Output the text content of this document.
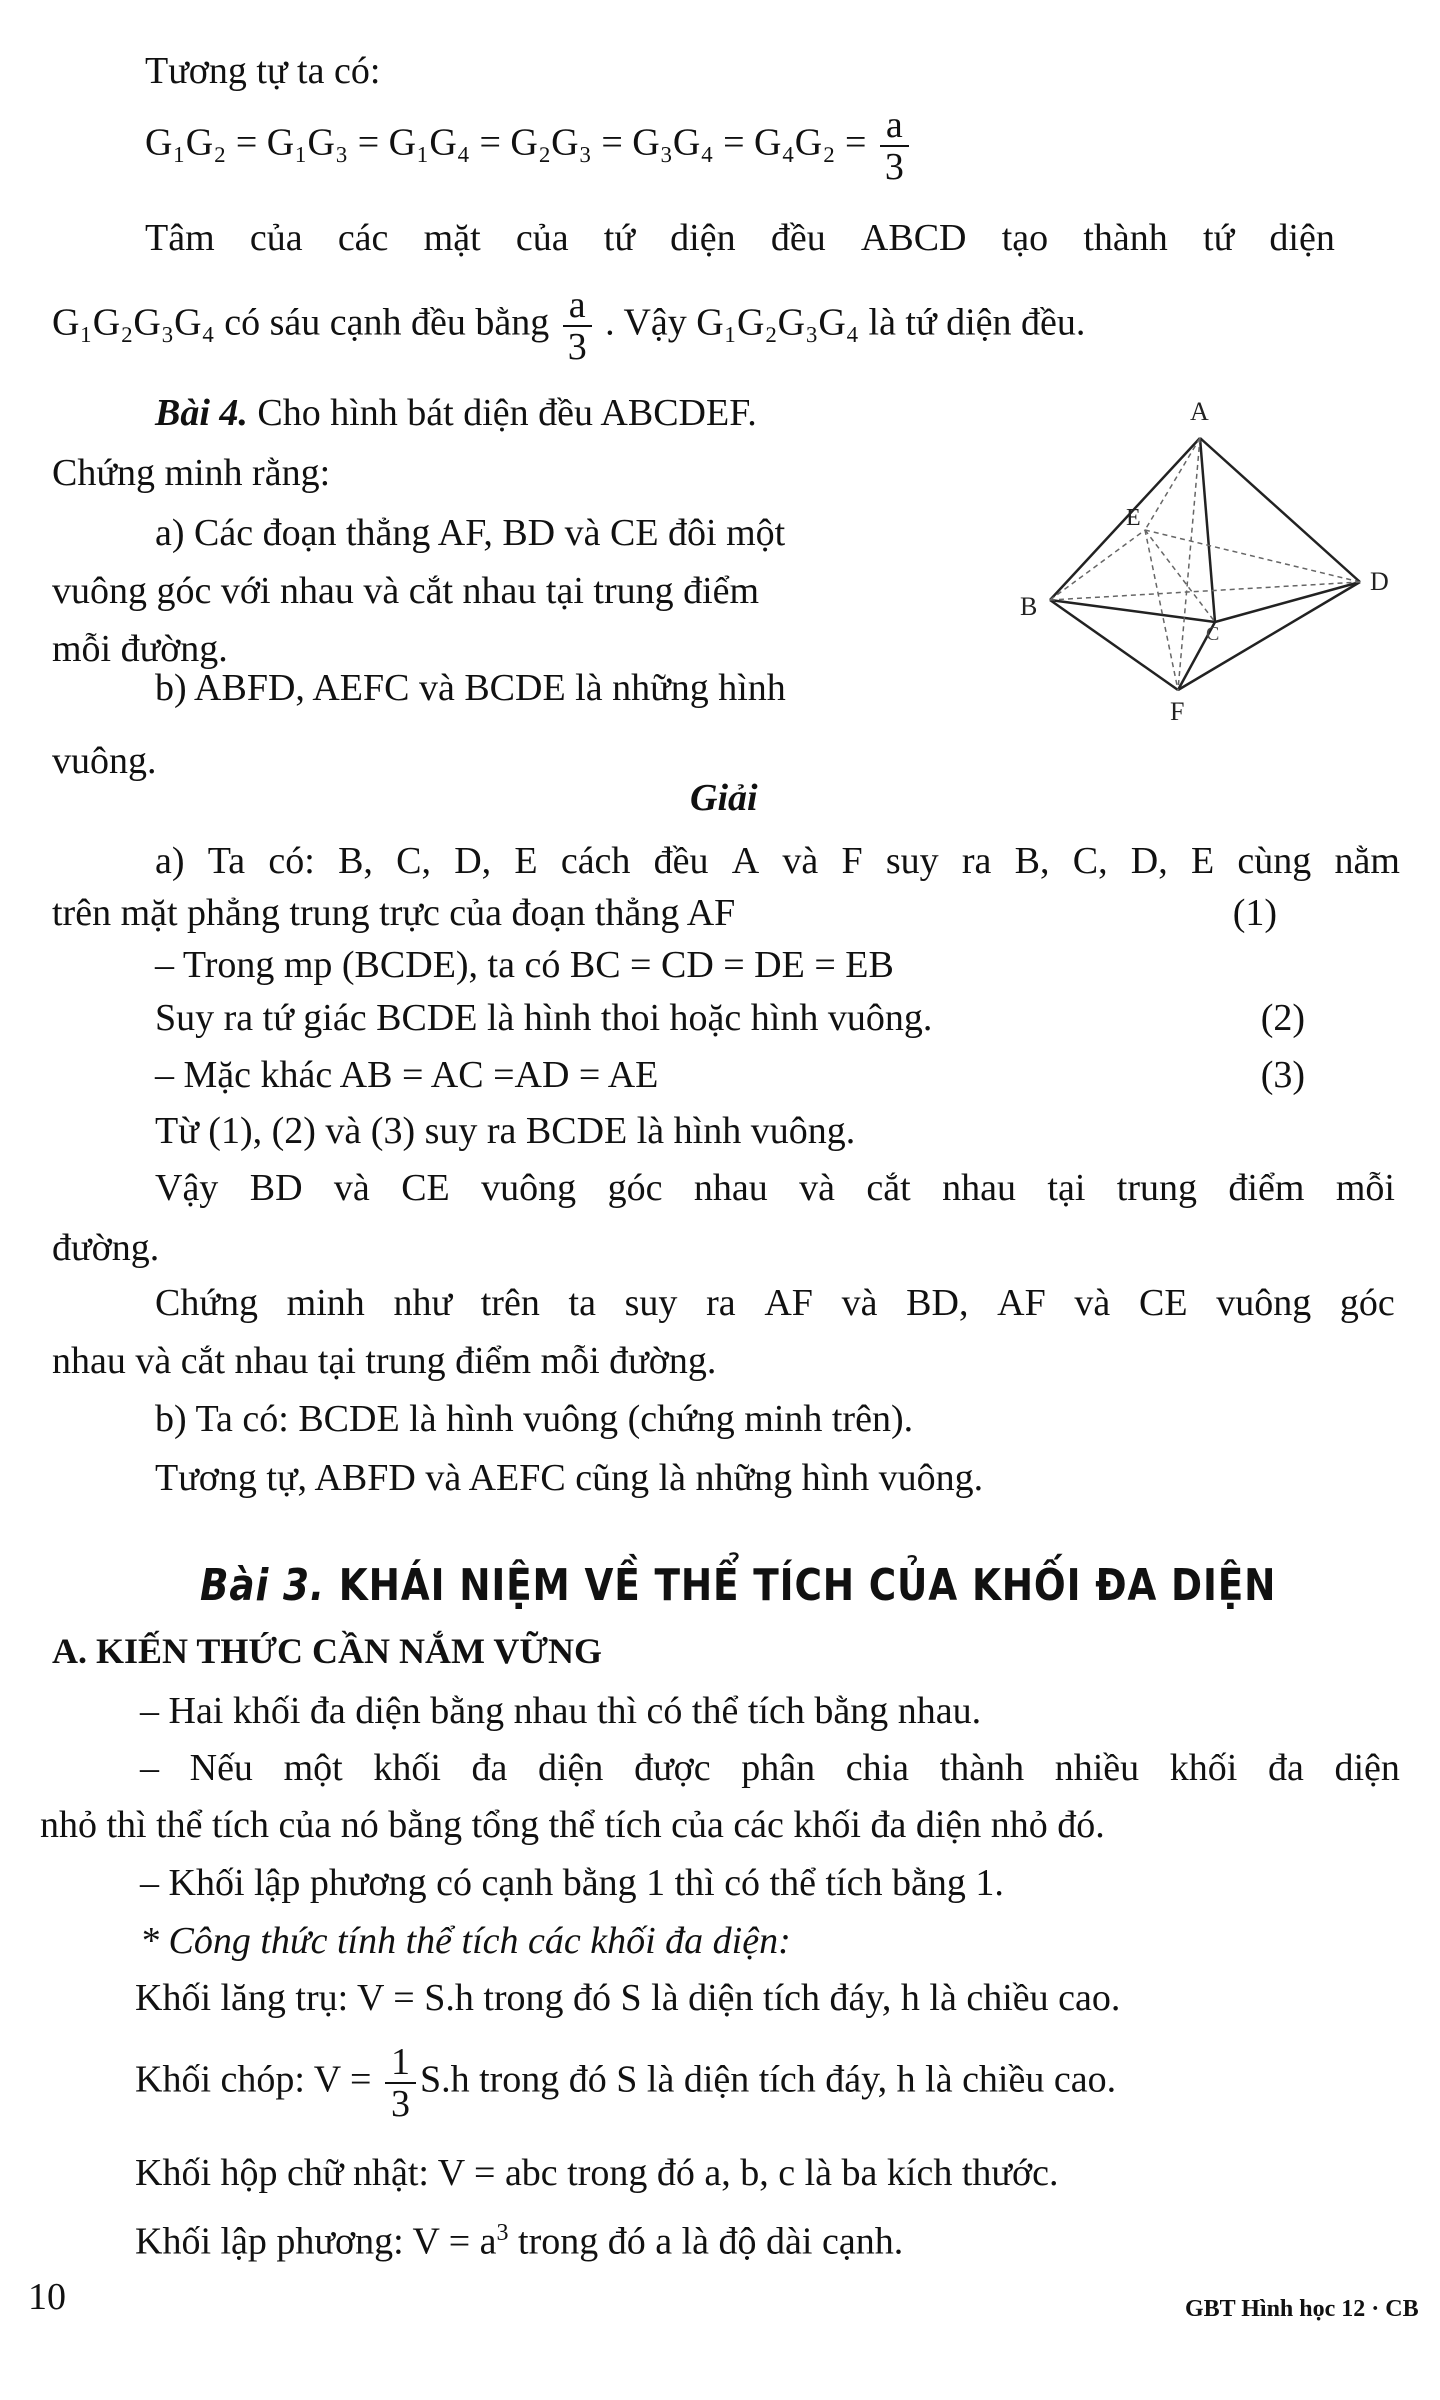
Tương tự ta có:
$G_1G_2 = G_1G_3 = G_1G_4 = G_2G_3 = G_3G_4 = G_4G_2 = \frac{a}{3}$
Tâm của các mặt của tứ diện đều ABCD tạo thành tứ diện
G₁G₂G₃G₄ có sáu cạnh đều bằng $\frac{a}{3}$ . Vậy G₁G₂G₃G₄ là tứ diện đều.
Bài 4. Cho hình bát diện đều ABCDEF.
Chứng minh rằng:
a) Các đoạn thẳng AF, BD và CE đôi một
vuông góc với nhau và cắt nhau tại trung điểm
mỗi đường.
b) ABFD, AEFC và BCDE là những hình
vuông.
A
B
C
D
E
F
Giải
a) Ta có: B, C, D, E cách đều A và F suy ra B, C, D, E cùng nằm
trên mặt phẳng trung trực của đoạn thẳng AF	(1)
– Trong mp (BCDE), ta có BC = CD = DE = EB
Suy ra tứ giác BCDE là hình thoi hoặc hình vuông.	(2)
– Mặc khác AB = AC =AD = AE	(3)
Từ (1), (2) và (3) suy ra BCDE là hình vuông.
Vậy BD và CE vuông góc nhau và cắt nhau tại trung điểm mỗi
đường.
Chứng minh như trên ta suy ra AF và BD, AF và CE vuông góc
nhau và cắt nhau tại trung điểm mỗi đường.
b) Ta có: BCDE là hình vuông (chứng minh trên).
Tương tự, ABFD và AEFC cũng là những hình vuông.
Bài 3. KHÁI NIỆM VỀ THỂ TÍCH CỦA KHỐI ĐA DIỆN
A. KIẾN THỨC CẦN NẮM VỮNG
– Hai khối đa diện bằng nhau thì có thể tích bằng nhau.
– Nếu một khối đa diện được phân chia thành nhiều khối đa diện
nhỏ thì thể tích của nó bằng tổng thể tích của các khối đa diện nhỏ đó.
– Khối lập phương có cạnh bằng 1 thì có thể tích bằng 1.
* Công thức tính thể tích các khối đa diện:
Khối lăng trụ: V = S.h trong đó S là diện tích đáy, h là chiều cao.
Khối chóp: $V = \frac{1}{3} S.h$ trong đó S là diện tích đáy, h là chiều cao.
Khối hộp chữ nhật: V = abc trong đó a, b, c là ba kích thước.
Khối lập phương: $V = a^3$ trong đó a là độ dài cạnh.
10	GBT Hình học 12 · CB
